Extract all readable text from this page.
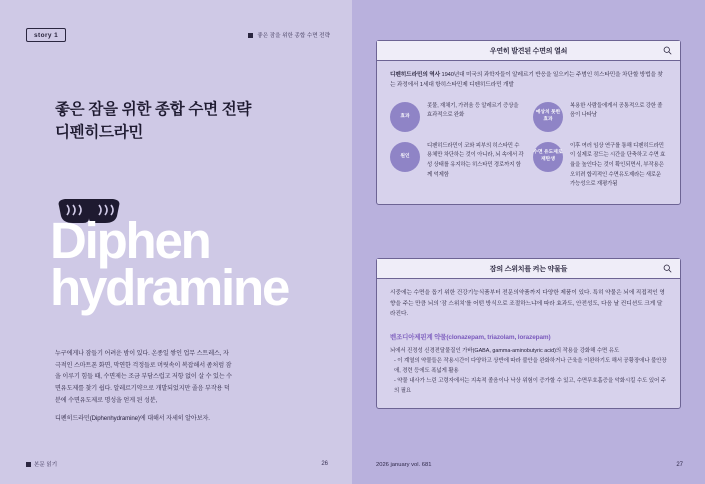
story 1	좋은 잠을 위한 종합 수면 전략
좋은 잠을 위한 종합 수면 전략
디펜히드라민
Diphen
hydramine

누구에게나 잠들기 어려운 밤이 있다. 온종일 쌓인 업무 스트레스, 자극적인 스마트폰 화면, 막연한 걱정들로 머릿속이 복잡해서 좀처럼 잠을 이루기 힘들 때, 수면제는 조금 부담스럽고 저항 없이 살 수 있는 수면유도제를 찾기 쉽다. 알레르기약으로 개발되었지만 졸음 부작용 덕분에 수면유도제로 명성을 얻게 된 성분,

디펜히드라민(Diphenhydramine)에 대해서 자세히 알아보자.

본문 읽기	26
우연히 발견된 수면의 열쇠
디펜히드라민의 역사 1940년대 미국의 과학자들이 알레르기 반응을 일으키는 주범인 히스타민을 차단할 방법을 찾는 과정에서 1세대 항히스타민제 디펜히드라민 개발
효과
콧물, 재채기, 가려움 등 알레르기 증상을 효과적으로 완화	예상치 못한 효과
복용한 사람들에게서 공통적으로 강한 졸음이 나타남
원인
디펜히드라민이 코와 피부의 히스타민 수용체만 차단하는 것이 아니라, 뇌 속에서 각성 상태를 유지하는 히스타민 경로까지 함께 억제함
수면 유도제로 재탄생
이후 여러 임상 연구를 통해 디펜히드라민이 실제로 잠드는 시간을 단축하고 수면 효율을 높인다는 것이 확인되면서, 부작용은 오히려 합리적인 수면유도제라는 새로운 가능성으로 재평가됨
잠의 스위치를 켜는 약물들
시중에는 수면을 돕기 위한 건강기능식품부터 전문의약품까지 다양한 제품이 있다. 특히 약물은 뇌에 직접적인 영향을 주는 만큼 뇌의 '잠 스위치'를 어떤 방식으로 조절하느냐에 따라 효과도, 안전성도, 다음 날 컨디션도 크게 달라진다.
벤조디아제핀계 약물(clonazepam, triazolam, lorazepam)
뇌에서 진정성 신경전달물질인 가바(GABA, gamma-aminobutyric acid)의 작용을 강화해 수면 유도
- 이 계열의 약물들은 작용시간이 다양하고 상반에 따라 불안을 완화하거나 근육을 이완하기도 해서 공황장애나 불안장애, 경련 등에도 폭넓게 활용
- 약물 내사가 느린 고령자에서는 지속적 졸음이나 낙상 위험이 증가할 수 있고, 수면무호흡증을 악화시킬 수도 있어 주의 필요
2026 january vol. 681	27
